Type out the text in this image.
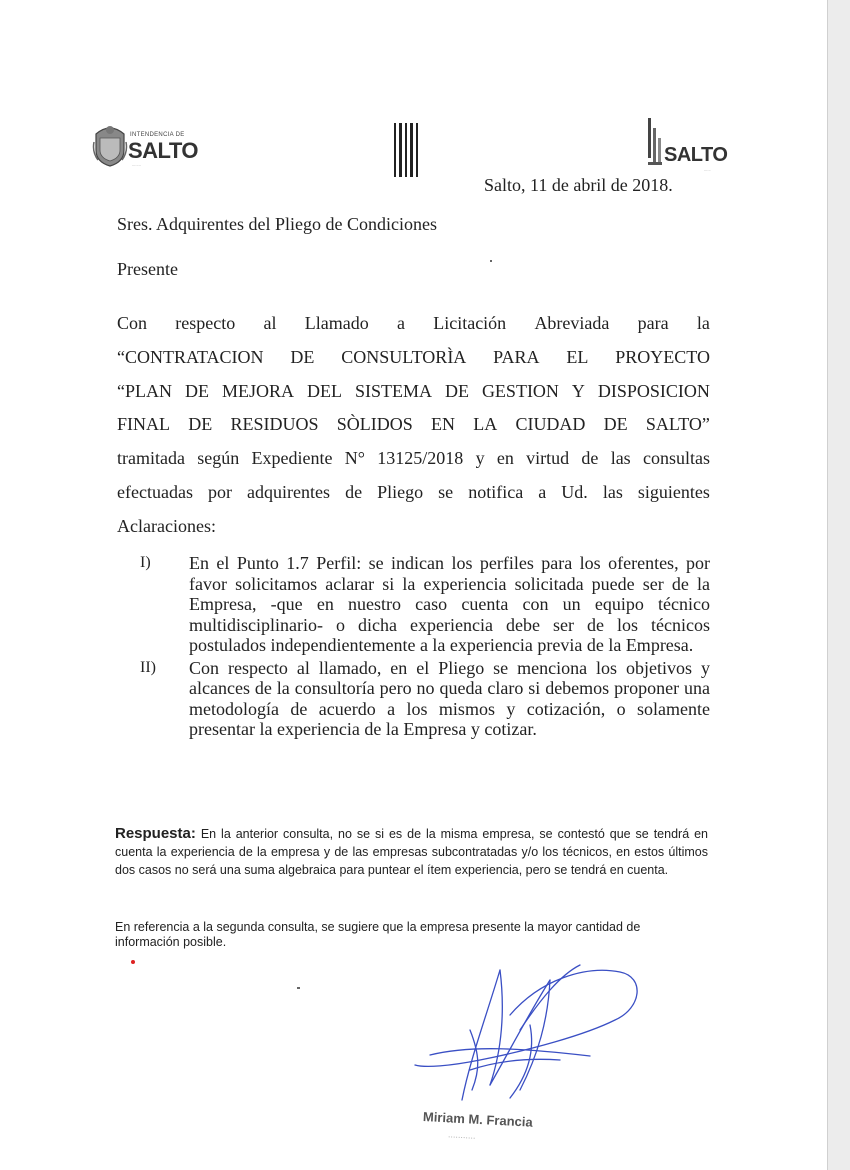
INTENDENCIA DE
SALTO
........	SALTO
......
Salto, 11 de abril de 2018.
Sres. Adquirentes del Pliego de Condiciones
Presente
Con respecto al Llamado a Licitación Abreviada para la
“CONTRATACION DE CONSULTORÌA PARA EL PROYECTO
“PLAN DE MEJORA DEL SISTEMA DE GESTION Y DISPOSICION
FINAL DE RESIDUOS SÒLIDOS EN LA CIUDAD DE SALTO”
tramitada según Expediente N° 13125/2018 y en virtud de las consultas
efectuadas por adquirentes de Pliego se notifica a Ud. las siguientes
Aclaraciones:
I) En el Punto 1.7 Perfil: se indican los perfiles para los oferentes, por favor solicitamos aclarar si la experiencia solicitada puede ser de la Empresa, -que en nuestro caso cuenta con un equipo técnico multidisciplinario- o dicha experiencia debe ser de los técnicos postulados independientemente a la experiencia previa de la Empresa.
II) Con respecto al llamado, en el Pliego se menciona los objetivos y alcances de la consultoría pero no queda claro si debemos proponer una metodología de acuerdo a los mismos y cotización, o solamente presentar la experiencia de la Empresa y cotizar.
Respuesta: En la anterior consulta, no se si es de la misma empresa, se contestó que se tendrá en cuenta la experiencia de la empresa y de las empresas subcontratadas y/o los técnicos, en estos últimos dos casos no será una suma algebraica para puntear el ítem experiencia, pero se tendrá en cuenta.
En referencia a la segunda consulta, se sugiere que la empresa presente la mayor cantidad de información posible.
Miriam M. Francia
...........
